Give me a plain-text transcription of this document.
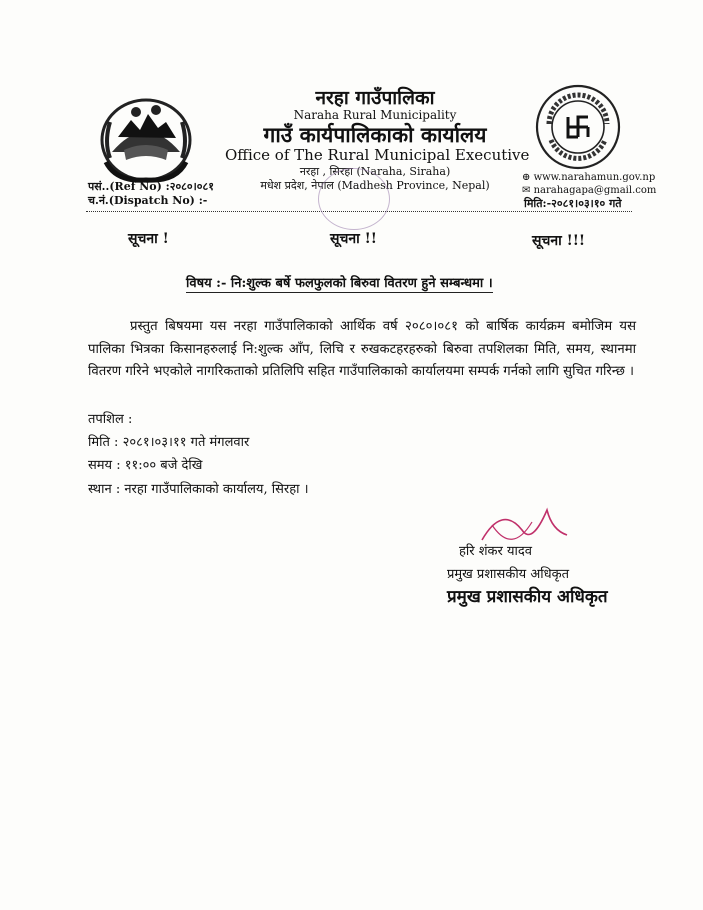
नरहा गाउँपालिका
Naraha Rural Municipality
गाउँ कार्यपालिकाको कार्यालय
Office of The Rural Municipal Executive
नरहा , सिरहा (Naraha, Siraha)
मधेश प्रदेश, नेपाल (Madhesh Province, Nepal)
पसं..(Ref No) :२०८०।०८१
च.नं.(Dispatch No) :-
⊕ www.narahamun.gov.np
✉ narahagapa@gmail.com
मिति:-२०८१।०३।१० गते
सूचना !	सूचना !!	सूचना !!!
विषय :- नि:शुल्क बर्षे फलफुलको बिरुवा वितरण हुने सम्बन्धमा ।

प्रस्तुत बिषयमा यस नरहा गाउँपालिकाको आर्थिक वर्ष २०८०।०८१ को बार्षिक कार्यक्रम बमोजिम यस पालिका भित्रका किसानहरुलाई नि:शुल्क आँप, लिचि र रुखकटहरहरुको बिरुवा तपशिलका मिति, समय, स्थानमा वितरण गरिने भएकोले नागरिकताको प्रतिलिपि सहित गाउँपालिकाको कार्यालयमा सम्पर्क गर्नको लागि सुचित गरिन्छ ।

तपशिल :
मिति : २०८१।०३।११ गते मंगलवार
समय : ११:०० बजे देखि
स्थान : नरहा गाउँपालिकाको कार्यालय, सिरहा ।
हरि शंकर यादव
प्रमुख प्रशासकीय अधिकृत
प्रमुख प्रशासकीय अधिकृत
